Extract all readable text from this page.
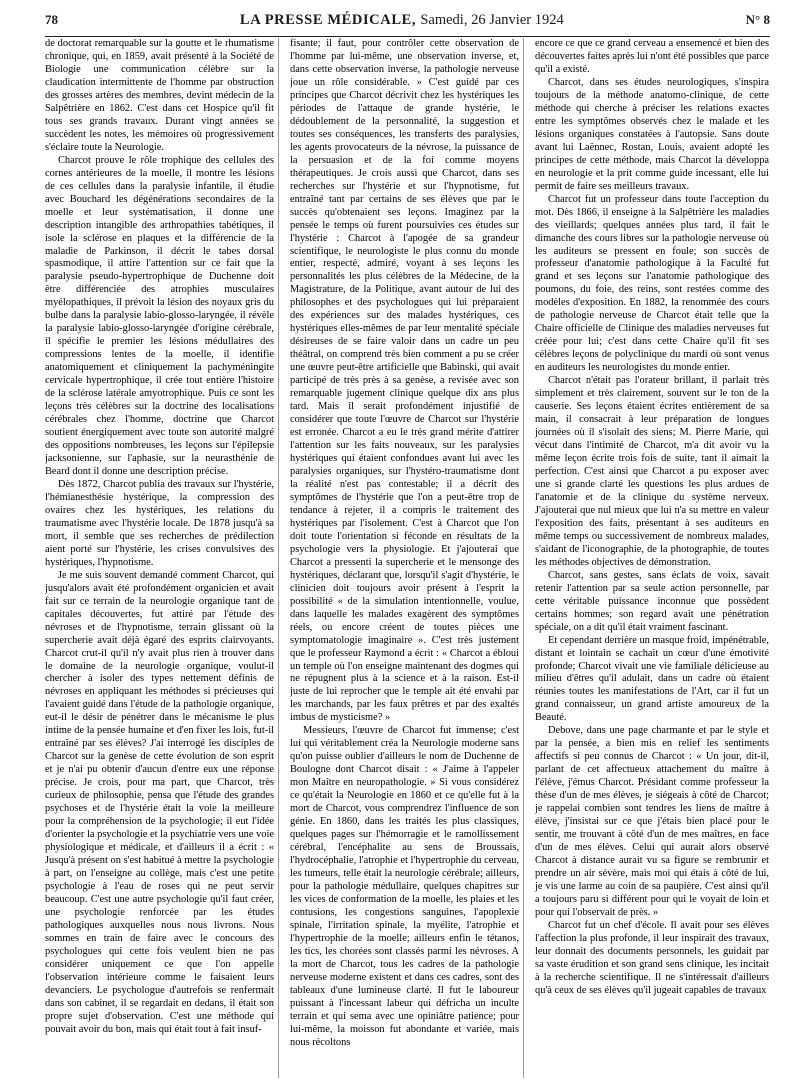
78	LA PRESSE MÉDICALE, Samedi, 26 Janvier 1924	N° 8

de doctorat remarquable sur la goutte et le rhumatisme chronique, qui, en 1859, avait présenté à la Société de Biologie une communication célèbre sur la claudication intermittente de l'homme par obstruction des grosses artères des membres, devint médecin de la Salpêtrière en 1862. C'est dans cet Hospice qu'il fit tous ses grands travaux. Durant vingt années se succèdent les notes, les mémoires où progressivement s'éclaire toute la Neurologie.

Charcot prouve le rôle trophique des cellules des cornes antérieures de la moelle, il montre les lésions de ces cellules dans la paralysie infantile, il étudie avec Bouchard les dégénérations secondaires de la moelle et leur systématisation, il donne une description intangible des arthropathies tabétiques, il isole la sclérose en plaques et la différencie de la maladie de Parkinson, il décrit le tabes dorsal spasmodique, il attire l'attention sur ce fait que la paralysie pseudo-hypertrophique de Duchenne doit être différenciée des atrophies musculaires myélopathiques, il prévoit la lésion des noyaux gris du bulbe dans la paralysie labio-glosso-laryngée, il révèle la paralysie labio-glosso-laryngée d'origine cérébrale, il spécifie le premier les lésions médullaires des compressions lentes de la moelle, il identifie anatomiquement et cliniquement la pachyméningite cervicale hypertrophique, il crée tout entière l'histoire de la sclérose latérale amyotrophique. Puis ce sont les leçons très célèbres sur la doctrine des localisations cérébrales chez l'homme, doctrine que Charcot soutient énergiquement avec toute son autorité malgré des oppositions nombreuses, les leçons sur l'épilepsie jacksonienne, sur l'aphasie, sur la neurasthénie de Beard dont il donne une description précise.

Dès 1872, Charcot publia des travaux sur l'hystérie, l'hémianesthésie hystérique, la compression des ovaires chez les hystériques, les relations du traumatisme avec l'hystérie locale. De 1878 jusqu'à sa mort, il semble que ses recherches de prédilection aient porté sur l'hystérie, les crises convulsives des hystériques, l'hypnotisme.

Je me suis souvent demandé comment Charcot, qui jusqu'alors avait été profondément organicien et avait fait sur ce terrain de la neurologie organique tant de capitales découvertes, fut attiré par l'étude des névroses et de l'hypnotisme, terrain glissant où la supercherie avait déjà égaré des esprits clairvoyants. Charcot crut-il qu'il n'y avait plus rien à trouver dans le domaine de la neurologie organique, voulut-il chercher à isoler des types nettement définis de névroses en appliquant les méthodes si précieuses qui l'avaient guidé dans l'étude de la pathologie organique, eut-il le désir de pénétrer dans le mécanisme le plus intime de la pensée humaine et d'en fixer les lois, fut-il entraîné par ses élèves? J'ai interrogé les disciples de Charcot sur la genèse de cette évolution de son esprit et je n'ai pu obtenir d'aucun d'entre eux une réponse précise. Je crois, pour ma part, que Charcot, très curieux de philosophie, pensa que l'étude des grandes psychoses et de l'hystérie était la voie la meilleure pour la compréhension de la psychologie; il eut l'idée d'orienter la psychologie et la psychiatrie vers une voie physiologique et médicale, et d'ailleurs il a écrit : « Jusqu'à présent on s'est habitué à mettre la psychologie à part, on l'enseigne au collège, mais c'est une petite psychologie à l'eau de roses qui ne peut servir beaucoup. C'est une autre psychologie qu'il faut créer, une psychologie renforcée par les études pathologiques auxquelles nous nous livrons. Nous sommes en train de faire avec le concours des psychologues qui cette fois veulent bien ne pas considérer uniquement ce que l'on appelle l'observation intérieure comme le faisaient leurs devanciers. Le psychologue d'autrefois se renfermait dans son cabinet, il se regardait en dedans, il était son propre sujet d'observation. C'est une méthode qui pouvait avoir du bon, mais qui était tout à fait insuf-

fisante; il faut, pour contrôler cette observation de l'homme par lui-même, une observation inverse, et, dans cette observation inverse, la pathologie nerveuse joue un rôle considérable. » C'est guidé par ces principes que Charcot décrivit chez les hystériques les périodes de l'attaque de grande hystérie, le dédoublement de la personnalité, la suggestion et toutes ses conséquences, les transferts des paralysies, les agents provocateurs de la névrose, la puissance de la persuasion et de la foi comme moyens thérapeutiques. Je crois aussi que Charcot, dans ses recherches sur l'hystérie et sur l'hypnotisme, fut entraîné tant par certains de ses élèves que par le succès qu'obtenaient ses leçons. Imaginez par la pensée le temps où furent poursuivies ces études sur l'hystérie : Charcot à l'apogée de sa grandeur scientifique, le neurologiste le plus connu du monde entier, respecté, admiré, voyant à ses leçons les personnalités les plus célèbres de la Médecine, de la Magistrature, de la Politique, avant autour de lui des philosophes et des psychologues qui lui préparaient des expériences sur des malades hystériques, ces hystériques elles-mêmes de par leur mentalité spéciale désireuses de se faire valoir dans un cadre un peu théâtral, on comprend très bien comment a pu se créer une œuvre peut-être artificielle que Babinski, qui avait participé de très près à sa genèse, a revisée avec son remarquable jugement clinique quelque dix ans plus tard. Mais il serait profondément injustifié de considérer que toute l'œuvre de Charcot sur l'hystérie est erronée. Charcot a eu le très grand mérite d'attirer l'attention sur les faits nouveaux, sur les paralysies hystériques qui étaient confondues avant lui avec les paralysies organiques, sur l'hystéro-traumatisme dont la réalité n'est pas contestable; il a décrit des symptômes de l'hystérie que l'on a peut-être trop de tendance à rejeter, il a compris le traitement des hystériques par l'isolement. C'est à Charcot que l'on doit toute l'orientation si féconde en résultats de la psychologie vers la physiologie. Et j'ajouterai que Charcot a pressenti la supercherie et le mensonge des hystériques, déclarant que, lorsqu'il s'agit d'hystérie, le clinicien doit toujours avoir présent à l'esprit la possibilité « de la simulation intentionnelle, voulue, dans laquelle les malades exagèrent des symptômes réels, ou encore créent de toutes pièces une symptomatologie imaginaire ». C'est très justement que le professeur Raymond a écrit : « Charcot a ébloui un temple où l'on enseigne maintenant des dogmes qui ne répugnent plus à la science et à la raison. Est-il juste de lui reprocher que le temple ait été envahi par les marchands, par les faux prêtres et par des exaltés imbus de mysticisme? »

Messieurs, l'œuvre de Charcot fut immense; c'est lui qui véritablement créa la Neurologie moderne sans qu'on puisse oublier d'ailleurs le nom de Duchenne de Boulogne dont Charcot disait : « J'aime à l'appeler mon Maître en neuropathologie. » Si vous considérez ce qu'était la Neurologie en 1860 et ce qu'elle fut à la mort de Charcot, vous comprendrez l'influence de son génie. En 1860, dans les traités les plus classiques, quelques pages sur l'hémorragie et le ramollissement cérébral, l'encéphalite au sens de Broussais, l'hydrocéphalie, l'atrophie et l'hypertrophie du cerveau, les tumeurs, telle était la neurologie cérébrale; ailleurs, pour la pathologie médullaire, quelques chapitres sur les vices de conformation de la moelle, les plaies et les contusions, les congestions sanguines, l'apoplexie spinale, l'irritation spinale, la myélite, l'atrophie et l'hypertrophie de la moelle; ailleurs enfin le tétanos, les tics, les chorées sont classés parmi les névroses. A la mort de Charcot, tous les cadres de la pathologie nerveuse moderne existent et dans ces cadres, sont des tableaux d'une lumineuse clarté. Il fut le laboureur puissant à l'incessant labeur qui défricha un inculte terrain et qui sema avec une opiniâtre patience; pour lui-même, la moisson fut abondante et variée, mais nous récoltons

encore ce que ce grand cerveau a ensemencé et bien des découvertes faites après lui n'ont été possibles que parce qu'il a existé.

Charcot, dans ses études neurologiques, s'inspira toujours de la méthode anatomo-clinique, de cette méthode qui cherche à préciser les relations exactes entre les symptômes observés chez le malade et les lésions organiques constatées à l'autopsie. Sans doute avant lui Laënnec, Rostan, Louis, avaient adopté les principes de cette méthode, mais Charcot la développa en neurologie et la prit comme guide incessant, elle lui permit de faire ses meilleurs travaux.

Charcot fut un professeur dans toute l'acception du mot. Dès 1866, il enseigne à la Salpêtrière les maladies des vieillards; quelques années plus tard, il fait le dimanche des cours libres sur la pathologie nerveuse où les auditeurs se pressent en foule; son succès de professeur d'anatomie pathologique à la Faculté fut grand et ses leçons sur l'anatomie pathologique des poumons, du foie, des reins, sont restées comme des modèles d'exposition. En 1882, la renommée des cours de pathologie nerveuse de Charcot était telle que la Chaire officielle de Clinique des maladies nerveuses fut créée pour lui; c'est dans cette Chaire qu'il fit ses célèbres leçons de polyclinique du mardi où sont venus en auditeurs les neurologistes du monde entier.

Charcot n'était pas l'orateur brillant, il parlait très simplement et très clairement, souvent sur le ton de la causerie. Ses leçons étaient écrites entièrement de sa main, il consacrait à leur préparation de longues journées où il s'isolait des siens; M. Pierre Marie, qui vécut dans l'intimité de Charcot, m'a dit avoir vu la même leçon écrite trois fois de suite, tant il aimait la perfection. C'est ainsi que Charcot a pu exposer avec une si grande clarté les questions les plus ardues de l'anatomie et de la clinique du système nerveux. J'ajouterai que nul mieux que lui n'a su mettre en valeur l'exposition des faits, présentant à ses auditeurs en même temps ou successivement de nombreux malades, s'aidant de l'iconographie, de la photographie, de toutes les méthodes objectives de démonstration.

Charcot, sans gestes, sans éclats de voix, savait retenir l'attention par sa seule action personnelle, par cette véritable puissance inconnue que possèdent certains hommes; son regard avait une pénétration spéciale, on a dit qu'il était vraiment fascinant.

Et cependant derrière un masque froid, impénétrable, distant et lointain se cachait un cœur d'une émotivité profonde; Charcot vivait une vie familiale délicieuse au milieu d'êtres qu'il adulait, dans un cadre où étaient réunies toutes les manifestations de l'Art, car il fut un grand connaisseur, un grand artiste amoureux de la Beauté.

Debove, dans une page charmante et par le style et par la pensée, a bien mis en relief les sentiments affectifs si peu connus de Charcot : « Un jour, dit-il, parlant de cet affectueux attachement du maître à l'élève, j'émus Charcot. Présidant comme professeur la thèse d'un de mes élèves, je siégeais à côté de Charcot; je rappelai combien sont tendres les liens de maître à élève, j'insistai sur ce que j'étais bien placé pour le sentir, me trouvant à côté d'un de mes maîtres, en face d'un de mes élèves. Celui qui aurait alors observé Charcot à distance aurait vu sa figure se rembrunir et prendre un air sévère, mais moi qui étais à côté de lui, je vis une larme au coin de sa paupière. C'est ainsi qu'il a toujours paru si différent pour qui le voyait de loin et pour qui l'observait de près. »

Charcot fut un chef d'école. Il avait pour ses élèves l'affection la plus profonde, il leur inspirait des travaux, leur donnait des documents personnels, les guidait par sa vaste érudition et son grand sens clinique, les incitait à la recherche scientifique. Il ne s'intéressait d'ailleurs qu'à ceux de ses élèves qu'il jugeait capables de travaux
